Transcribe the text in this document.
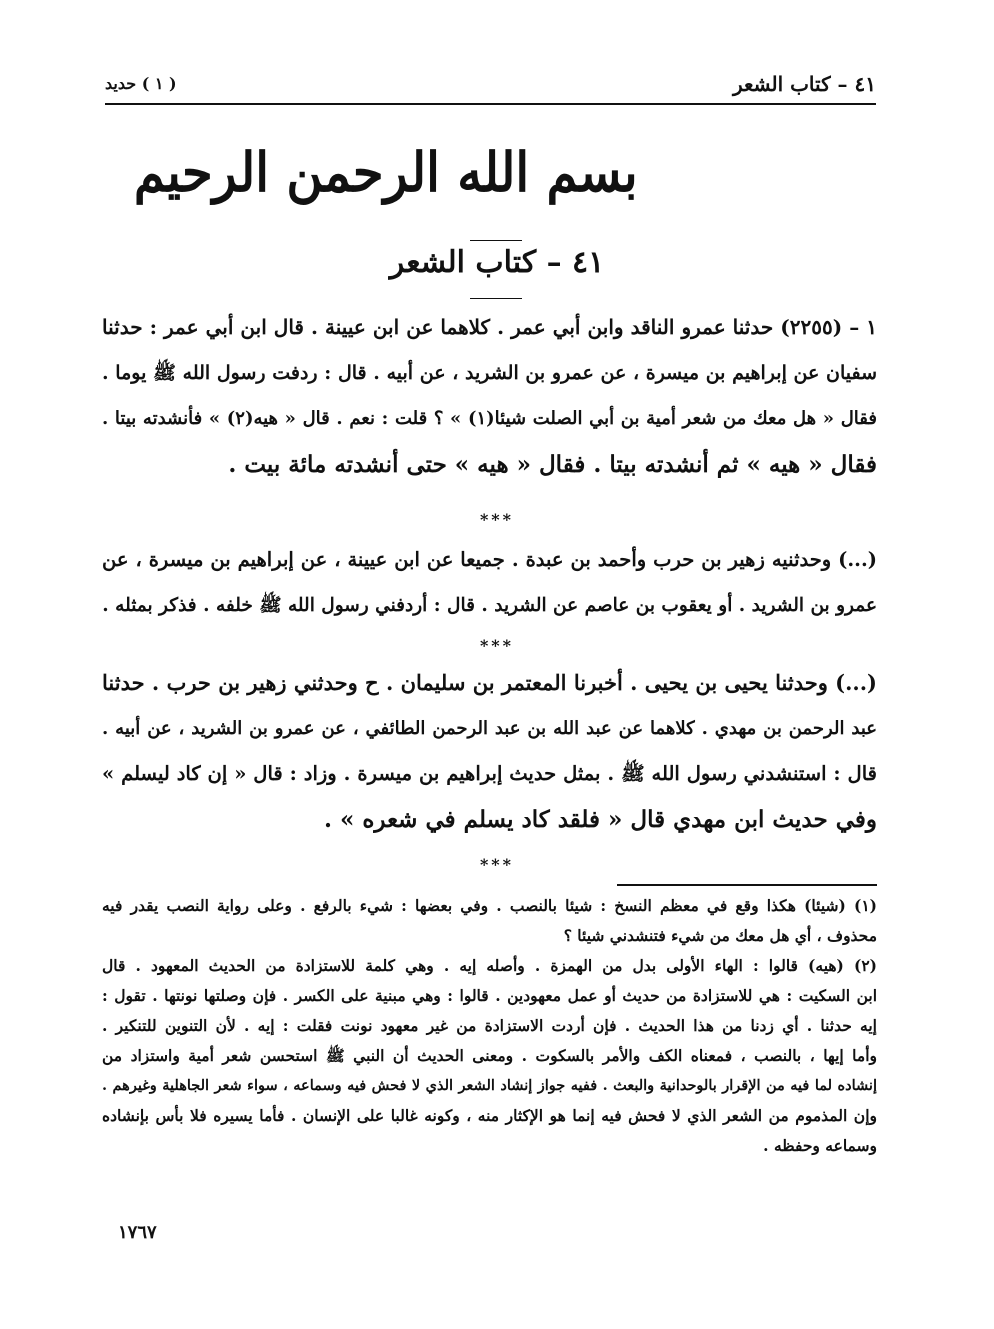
٤١ – كتاب الشعر
( ١ ) حديد
بسم الله الرحمن الرحيم
٤١ – كتاب الشعر
١ – (٢٢٥٥) حدثنا عمرو الناقد وابن أبي عمر . كلاهما عن ابن عيينة . قال ابن أبي عمر : حدثنا
سفيان عن إبراهيم بن ميسرة ، عن عمرو بن الشريد ، عن أبيه . قال : ردفت رسول الله ﷺ يوما .
فقال « هل معك من شعر أمية بن أبي الصلت شيئا(١) » ؟ قلت : نعم . قال « هيه(٢) » فأنشدته بيتا .
فقال « هيه » ثم أنشدته بيتا . فقال « هيه » حتى أنشدته مائة بيت .
***
(...) وحدثنيه زهير بن حرب وأحمد بن عبدة . جميعا عن ابن عيينة ، عن إبراهيم بن ميسرة ، عن
عمرو بن الشريد . أو يعقوب بن عاصم عن الشريد . قال : أردفني رسول الله ﷺ خلفه . فذكر بمثله .
***
(...) وحدثنا يحيى بن يحيى . أخبرنا المعتمر بن سليمان . ح وحدثني زهير بن حرب . حدثنا
عبد الرحمن بن مهدي . كلاهما عن عبد الله بن عبد الرحمن الطائفي ، عن عمرو بن الشريد ، عن أبيه .
قال : استنشدني رسول الله ﷺ . بمثل حديث إبراهيم بن ميسرة . وزاد : قال « إن كاد ليسلم »
وفي حديث ابن مهدي قال « فلقد كاد يسلم في شعره » .
***
(١) (شيئا) هكذا وقع في معظم النسخ : شيئا بالنصب . وفي بعضها : شيء بالرفع . وعلى رواية النصب يقدر فيه
محذوف ، أي هل معك من شيء فتنشدني شيئا ؟
(٢) (هيه) قالوا : الهاء الأولى بدل من الهمزة . وأصله إيه . وهي كلمة للاستزادة من الحديث المعهود . قال
ابن السكيت : هي للاستزادة من حديث أو عمل معهودين . قالوا : وهي مبنية على الكسر . فإن وصلتها نونتها . تقول :
إيه حدثنا . أي زدنا من هذا الحديث . فإن أردت الاستزادة من غير معهود نونت فقلت : إيه . لأن التنوين للتنكير .
وأما إيها ، بالنصب ، فمعناه الكف والأمر بالسكوت . ومعنى الحديث أن النبي ﷺ استحسن شعر أمية واستزاد من
إنشاده لما فيه من الإقرار بالوحدانية والبعث . ففيه جواز إنشاد الشعر الذي لا فحش فيه وسماعه ، سواء شعر الجاهلية وغيرهم .
وإن المذموم من الشعر الذي لا فحش فيه إنما هو الإكثار منه ، وكونه غالبا على الإنسان . فأما يسيره فلا بأس بإنشاده
وسماعه وحفظه .
١٧٦٧
